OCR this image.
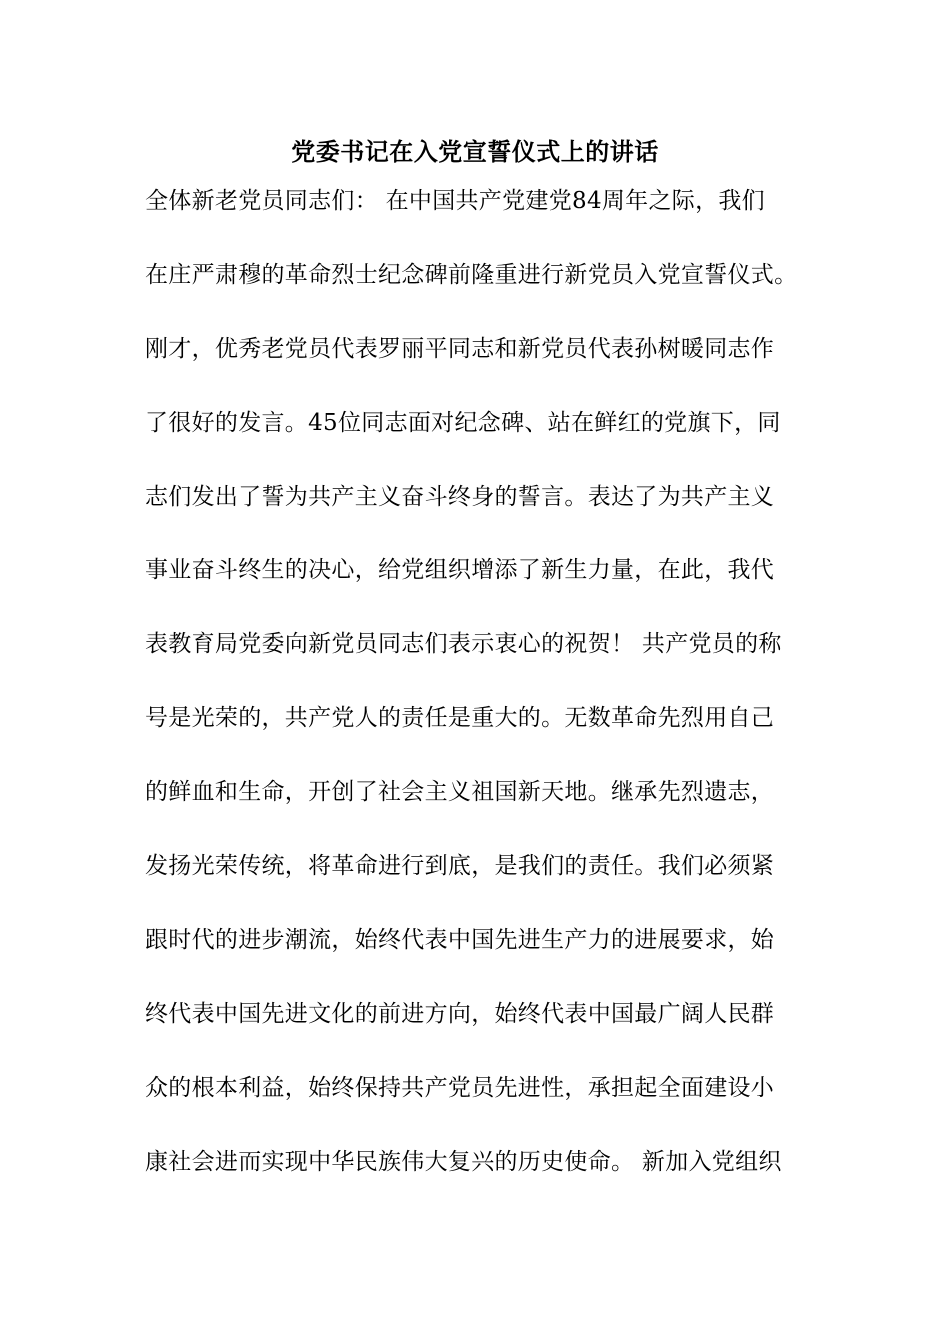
党委书记在入党宣誓仪式上的讲话
全体新老党员同志们： 在中国共产党建党84周年之际，我们
在庄严肃穆的革命烈士纪念碑前隆重进行新党员入党宣誓仪式。
刚才，优秀老党员代表罗丽平同志和新党员代表孙树暖同志作
了很好的发言。45位同志面对纪念碑、站在鲜红的党旗下，同
志们发出了誓为共产主义奋斗终身的誓言。表达了为共产主义
事业奋斗终生的决心，给党组织增添了新生力量，在此，我代
表教育局党委向新党员同志们表示衷心的祝贺！ 共产党员的称
号是光荣的，共产党人的责任是重大的。无数革命先烈用自己
的鲜血和生命，开创了社会主义祖国新天地。继承先烈遗志，
发扬光荣传统，将革命进行到底，是我们的责任。我们必须紧
跟时代的进步潮流，始终代表中国先进生产力的进展要求，始
终代表中国先进文化的前进方向，始终代表中国最广阔人民群
众的根本利益，始终保持共产党员先进性，承担起全面建设小
康社会进而实现中华民族伟大复兴的历史使命。 新加入党组织
